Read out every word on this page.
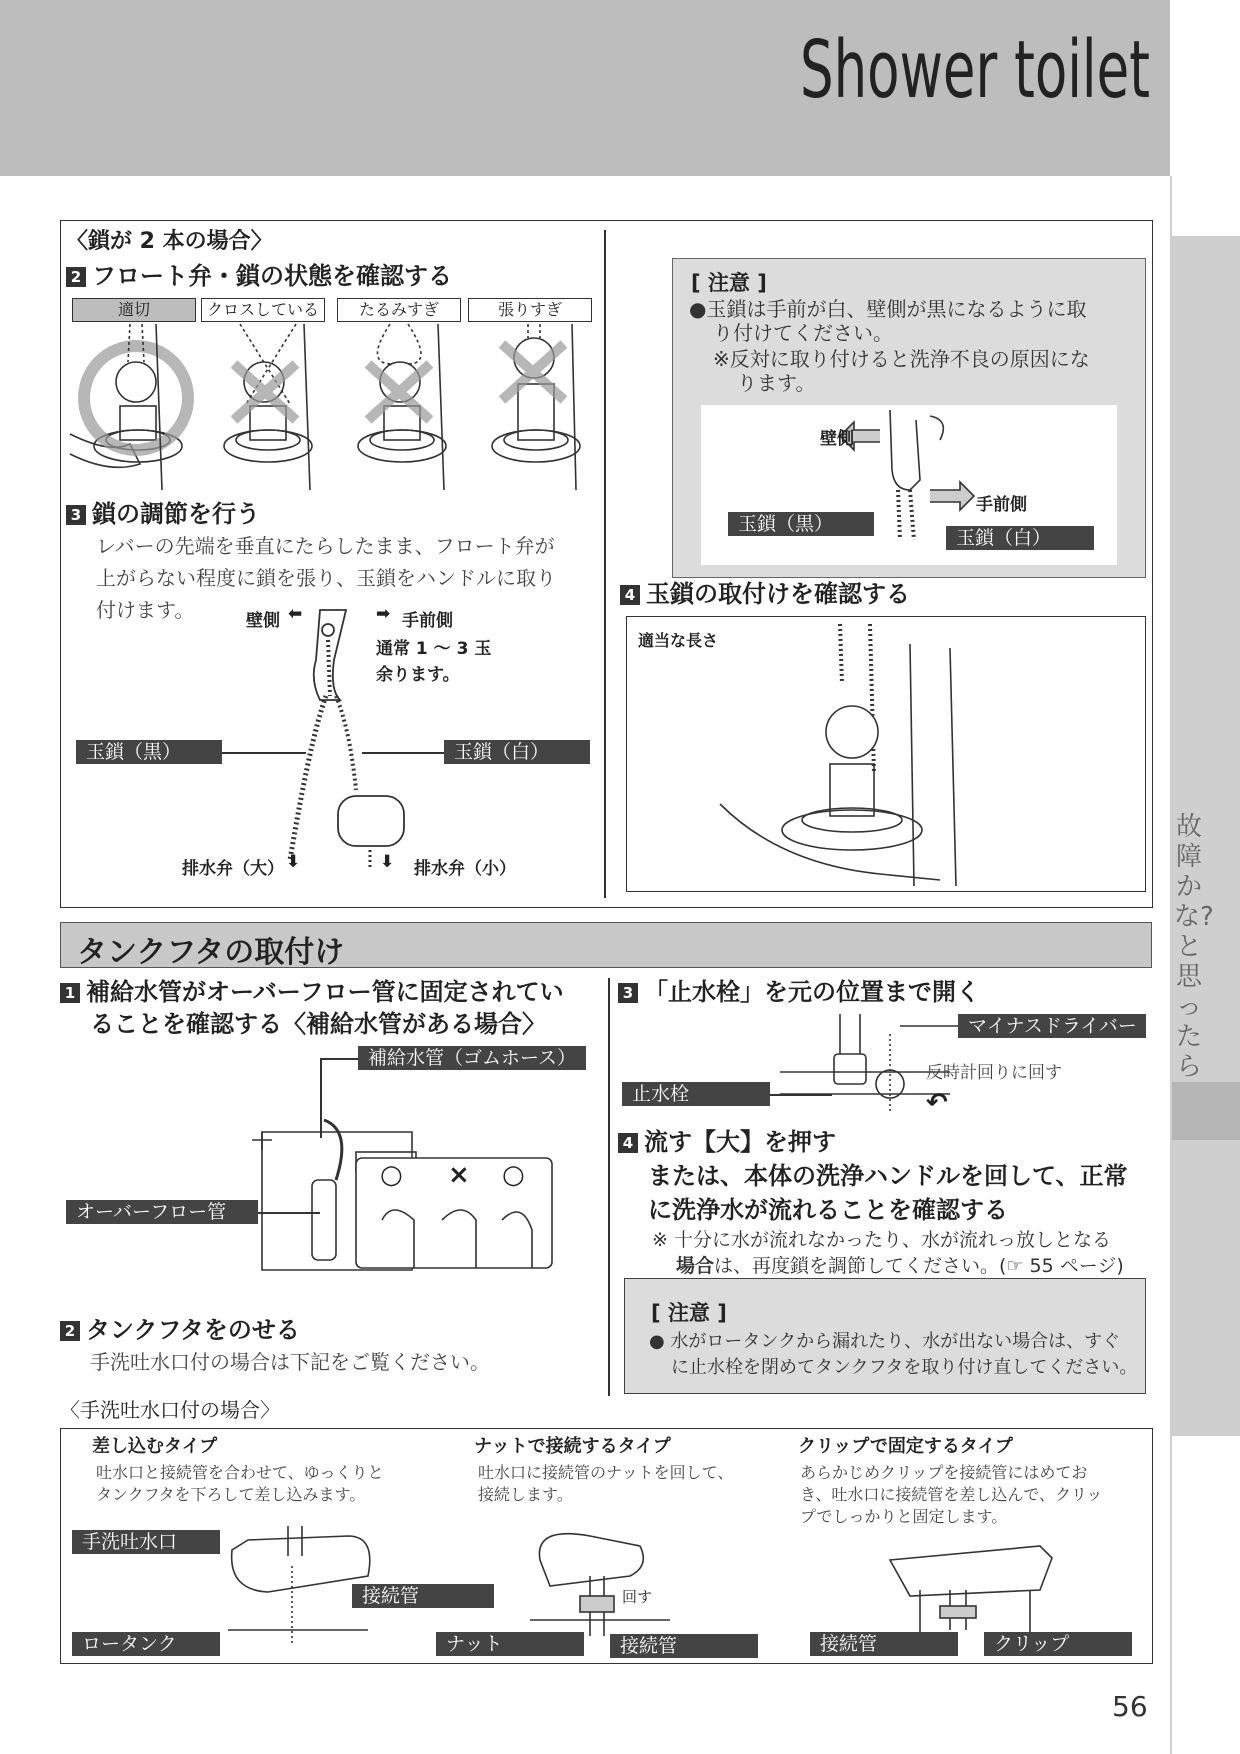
Shower toilet
故障かな?と思ったら
〈鎖が 2 本の場合〉
2 フロート弁・鎖の状態を確認する
適切	クロスしている	たるみすぎ	張りすぎ
3 鎖の調節を行う
レバーの先端を垂直にたらしたまま、フロート弁が
上がらない程度に鎖を張り、玉鎖をハンドルに取り
付けます。	壁側 ⬅	➡ 手前側
通常 1 ～ 3 玉
余ります。
玉鎖（黒）	玉鎖（白）
排水弁（大） ⬇	⬇ 排水弁（小）
[ 注意 ]
●玉鎖は手前が白、壁側が黒になるように取
り付けてください。
※反対に取り付けると洗浄不良の原因にな
ります。
壁側
手前側
玉鎖（黒）
玉鎖（白）
4 玉鎖の取付けを確認する
適当な長さ
タンクフタの取付け
1 補給水管がオーバーフロー管に固定されてい
ることを確認する〈補給水管がある場合〉
補給水管（ゴムホース）
○ × ○
オーバーフロー管
2 タンクフタをのせる
手洗吐水口付の場合は下記をご覧ください。
3 「止水栓」を元の位置まで開く
マイナスドライバー
反時計回りに回す
↶
止水栓
4 流す【大】を押す
または、本体の洗浄ハンドルを回して、正常
に洗浄水が流れることを確認する
※ 十分に水が流れなかったり、水が流れっ放しとなる
場合は、再度鎖を調節してください。(☞ 55 ページ)
[ 注意 ]
● 水がロータンクから漏れたり、水が出ない場合は、すぐ
に止水栓を閉めてタンクフタを取り付け直してください。
〈手洗吐水口付の場合〉
差し込むタイプ
吐水口と接続管を合わせて、ゆっくりと
タンクフタを下ろして差し込みます。
手洗吐水口
接続管
ロータンク
ナットで接続するタイプ
吐水口に接続管のナットを回して、
接続します。
回す
ナット	接続管
クリップで固定するタイプ
あらかじめクリップを接続管にはめてお
き、吐水口に接続管を差し込んで、クリッ
プでしっかりと固定します。
接続管	クリップ
56
